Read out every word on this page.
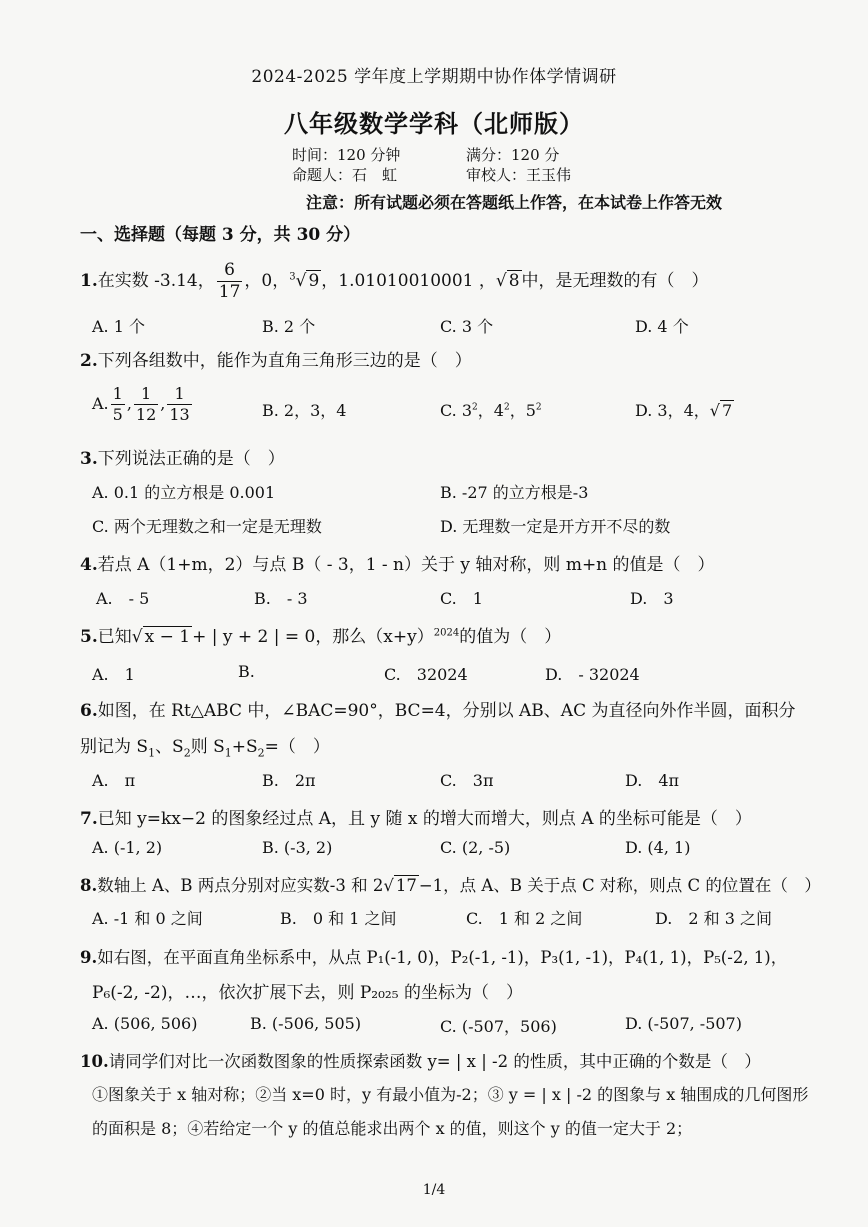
2024-2025 学年度上学期期中协作体学情调研
八年级数学学科（北师版）
时间：120 分钟	满分：120 分
命题人：石　虹	审校人：王玉伟
注意：所有试题必须在答题纸上作答，在本试卷上作答无效
一、选择题（每题 3 分，共 30 分）
1.在实数 -3.14， $\frac{6}{17}$ ，0，$^3$√ 9 ，1.01010010001 ，√ 8 中，是无理数的有（　）
A. 1 个	B. 2 个	C. 3 个	D. 4 个
2.下列各组数中，能作为直角三角形三边的是（　）
A. $\frac{1}{5}$ , $\frac{1}{12}$ , $\frac{1}{13}$	B. 2，3，4	C. $3^2$，$4^2$，$5^2$	D. 3，4，√ 7
3.下列说法正确的是（　）
A. 0.1 的立方根是 0.001	B. -27 的立方根是-3
C. 两个无理数之和一定是无理数	D. 无理数一定是开方开不尽的数
4.若点 A（1+m，2）与点 B（ - 3，1 - n）关于 y 轴对称，则 m+n 的值是（　）
A.　- 5	B.　- 3	C.　1	D.　3
5.已知√ x − 1 + | y + 2 | = 0，那么$(x+y)^{2024}$的值为（　）
A.　1	B.	C.　32024	D.　- 32024
6.如图，在 Rt△ABC 中，∠BAC=90°，BC=4，分别以 AB、AC 为直径向外作半圆，面积分
别记为 $S_1$、$S_2$则 $S_1+S_2=$（　）
A.　π	B.　2π	C.　3π	D.　4π
7.已知 y=kx−2 的图象经过点 A，且 y 随 x 的增大而增大，则点 A 的坐标可能是（　）
A. (-1, 2)	B. (-3, 2)	C. (2, -5)	D. (4, 1)
8.数轴上 A、B 两点分别对应实数-3 和 2√ 17 −1，点 A、B 关于点 C 对称，则点 C 的位置在（　）
A. -1 和 0 之间	B.　0 和 1 之间	C.　1 和 2 之间	D.　2 和 3 之间
9.如右图，在平面直角坐标系中，从点 P₁(-1, 0)，P₂(-1, -1)，P₃(1, -1)，P₄(1, 1)，P₅(-2, 1)，
P₆(-2, -2)，…，依次扩展下去，则 P₂₀₂₅ 的坐标为（　）
A. (506, 506)	B. (-506, 505)	C. (-507，506)	D. (-507, -507)
10.请同学们对比一次函数图象的性质探索函数 y= | x | -2 的性质，其中正确的个数是（　）
①图象关于 x 轴对称；②当 x=0 时，y 有最小值为-2；③ y = | x | -2 的图象与 x 轴围成的几何图形的面积是 8；④若给定一个 y 的值总能求出两个 x 的值，则这个 y 的值一定大于 2；
1/4
